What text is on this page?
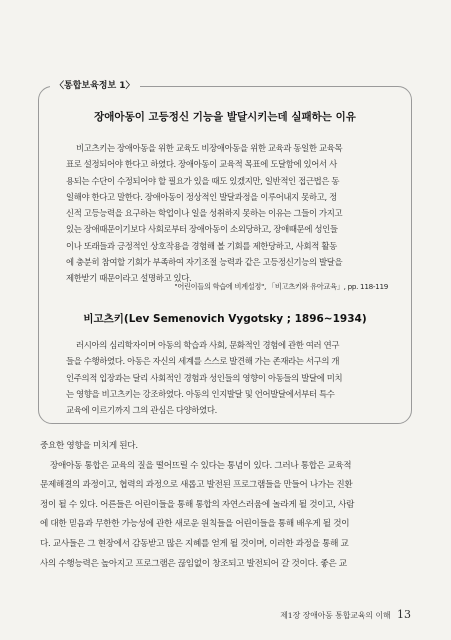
〈통합보육정보 1〉
장애아동이 고등정신 기능을 발달시키는데 실패하는 이유

비고츠키는 장애아동을 위한 교육도 비장애아동을 위한 교육과 동일한 교육목
표로 설정되어야 한다고 하였다. 장애아동이 교육적 목표에 도달함에 있어서 사
용되는 수단이 수정되어야 할 필요가 있을 때도 있겠지만, 일반적인 접근법은 동
일해야 한다고 말한다. 장애아동이 정상적인 발달과정을 이루어내지 못하고, 정
신적 고등능력을 요구하는 학업이나 일을 성취하지 못하는 이유는 그들이 가지고
있는 장애때문이기보다 사회로부터 장애아동이 소외당하고, 장애때문에 성인들
이나 또래들과 긍정적인 상호작용을 경험해 볼 기회를 제한당하고, 사회적 활동
에 충분히 참여할 기회가 부족하여 자기조절 능력과 같은 고등정신기능의 발달을
제한받기 때문이라고 설명하고 있다.

"어린이들의 학습에 비계설정", 「비고츠키와 유아교육」, pp. 118-119
비고츠키(Lev Semenovich Vygotsky ; 1896~1934)

러시아의 심리학자이며 아동의 학습과 사회, 문화적인 경험에 관한 여러 연구
들을 수행하였다. 아동은 자신의 세계를 스스로 발견해 가는 존재라는 서구의 개
인주의적 입장과는 달리 사회적인 경험과 성인들의 영향이 아동들의 발달에 미치
는 영향을 비고츠키는 강조하였다. 아동의 인지발달 및 언어발달에서부터 특수
교육에 이르기까지 그의 관심은 다양하였다.

중요한 영향을 미치게 된다.
장애아동 통합은 교육의 질을 떨어뜨릴 수 있다는 통념이 있다. 그러나 통합은 교육적
문제해결의 과정이고, 협력의 과정으로 새롭고 발전된 프로그램들을 만들어 나가는 진환
정이 될 수 있다. 어른들은 어린이들을 통해 통합의 자연스러움에 놀라게 될 것이고, 사람
에 대한 믿음과 무한한 가능성에 관한 새로운 원칙들을 어린이들을 통해 배우게 될 것이
다. 교사들은 그 현장에서 감동받고 많은 지혜를 얻게 될 것이며, 이러한 과정을 통해 교
사의 수행능력은 높아지고 프로그램은 끊임없이 창조되고 발전되어 갈 것이다. 좋은 교

제1장 장애아동 통합교육의 이해 13
